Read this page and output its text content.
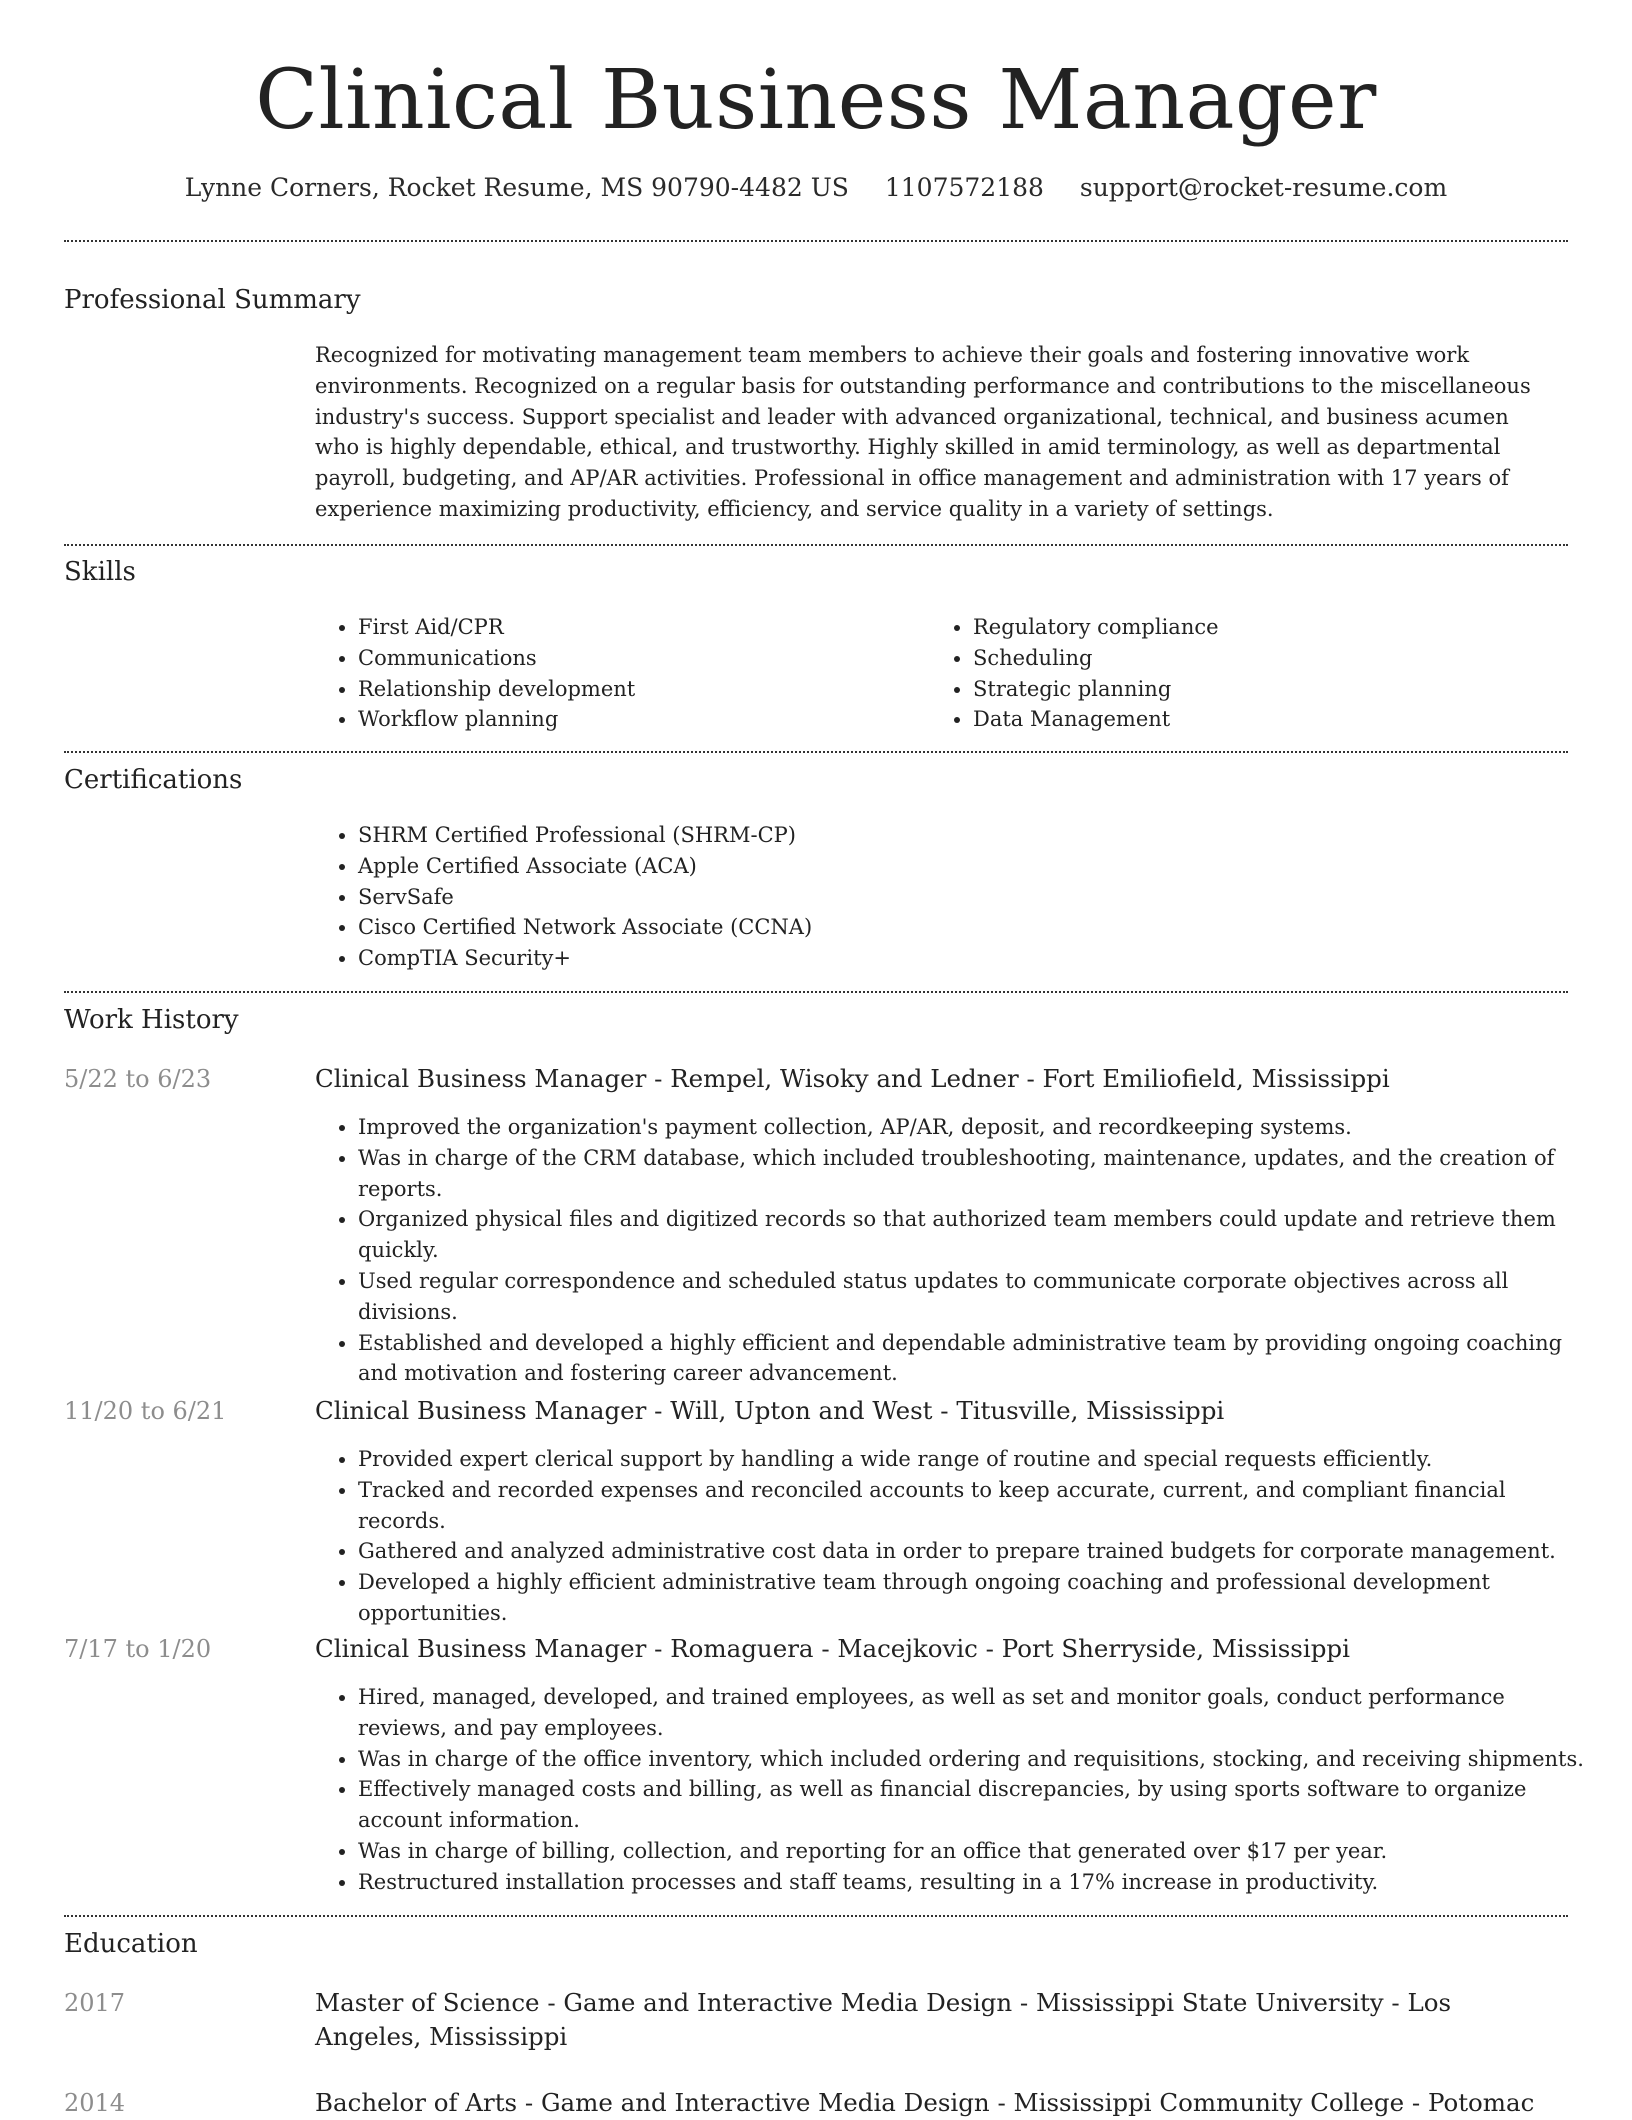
Clinical Business Manager
Lynne Corners, Rocket Resume, MS 90790-4482 US 1107572188 support@rocket-resume.com
Professional Summary

Recognized for motivating management team members to achieve their goals and fostering innovative work environments. Recognized on a regular basis for outstanding performance and contributions to the miscellaneous industry's success. Support specialist and leader with advanced organizational, technical, and business acumen who is highly dependable, ethical, and trustworthy. Highly skilled in amid terminology, as well as departmental payroll, budgeting, and AP/AR activities. Professional in office management and administration with 17 years of experience maximizing productivity, efficiency, and service quality in a variety of settings.

Skills
• First Aid/CPR
• Communications
• Relationship development
• Workflow planning
• Regulatory compliance
• Scheduling
• Strategic planning
• Data Management
Certifications
• SHRM Certified Professional (SHRM-CP)
• Apple Certified Associate (ACA)
• ServSafe
• Cisco Certified Network Associate (CCNA)
• CompTIA Security+
Work History
5/22 to 6/23	Clinical Business Manager - Rempel, Wisoky and Ledner - Fort Emiliofield, Mississippi
• Improved the organization's payment collection, AP/AR, deposit, and recordkeeping systems.
• Was in charge of the CRM database, which included troubleshooting, maintenance, updates, and the creation of reports.
• Organized physical files and digitized records so that authorized team members could update and retrieve them quickly.
• Used regular correspondence and scheduled status updates to communicate corporate objectives across all divisions.
• Established and developed a highly efficient and dependable administrative team by providing ongoing coaching and motivation and fostering career advancement.
11/20 to 6/21	Clinical Business Manager - Will, Upton and West - Titusville, Mississippi
• Provided expert clerical support by handling a wide range of routine and special requests efficiently.
• Tracked and recorded expenses and reconciled accounts to keep accurate, current, and compliant financial records.
• Gathered and analyzed administrative cost data in order to prepare trained budgets for corporate management.
• Developed a highly efficient administrative team through ongoing coaching and professional development opportunities.
7/17 to 1/20	Clinical Business Manager - Romaguera - Macejkovic - Port Sherryside, Mississippi
• Hired, managed, developed, and trained employees, as well as set and monitor goals, conduct performance reviews, and pay employees.
• Was in charge of the office inventory, which included ordering and requisitions, stocking, and receiving shipments.
• Effectively managed costs and billing, as well as financial discrepancies, by using sports software to organize account information.
• Was in charge of billing, collection, and reporting for an office that generated over $17 per year.
• Restructured installation processes and staff teams, resulting in a 17% increase in productivity.
Education
2017	Master of Science - Game and Interactive Media Design - Mississippi State University - Los Angeles, Mississippi
2014	Bachelor of Arts - Game and Interactive Media Design - Mississippi Community College - Potomac
